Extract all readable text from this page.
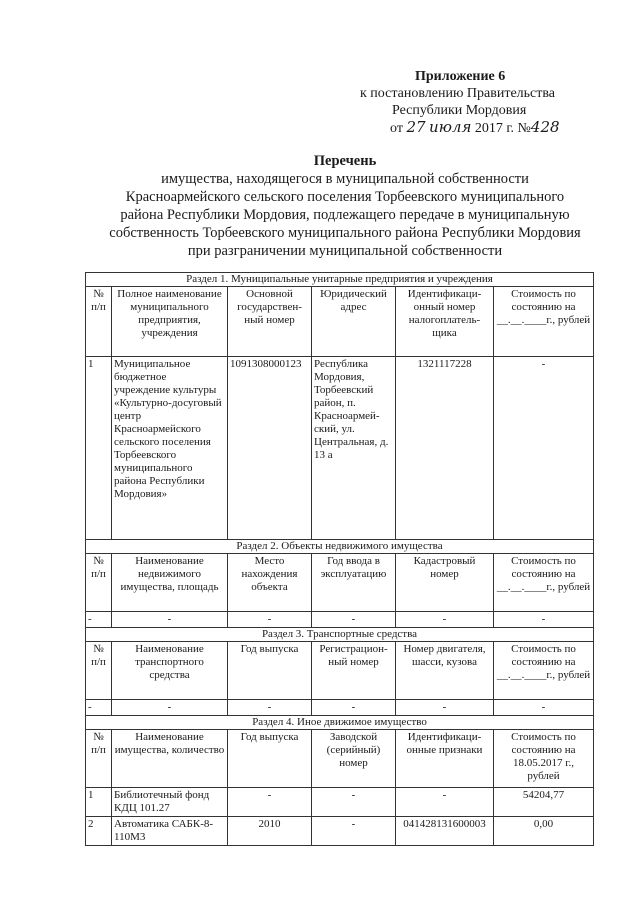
Приложение 6
к постановлению Правительства
Республики Мордовия
от 27 июля 2017 г. №428
Перечень
имущества, находящегося в муниципальной собственности
Красноармейского сельского поселения Торбеевского муниципального
района Республики Мордовия, подлежащего передаче в муниципальную
собственность Торбеевского муниципального района Республики Мордовия
при разграничении муниципальной собственности
Раздел 1. Муниципальные унитарные предприятия и учреждения					
№ п/п	Полное наименование муниципального предприятия, учреждения	Основной государствен-ный номер	Юридический адрес	Идентификаци-онный номер налогоплатель-щика	Стоимость по состоянию на __.__.____г., рублей
1	Муниципальное бюджетное учреждение культуры «Культурно-досуговый центр Красноармейского сельского поселения Торбеевского муниципального района Республики Мордовия»	1091308000123	Республика Мордовия, Торбеевский район, п. Красноармей-ский, ул. Центральная, д. 13 а	1321117228	-
Раздел 2. Объекты недвижимого имущества					
№ п/п	Наименование недвижимого имущества, площадь	Место нахождения объекта	Год ввода в эксплуатацию	Кадастровый номер	Стоимость по состоянию на __.__.____г., рублей
-	-	-	-	-	-
Раздел 3. Транспортные средства					
№ п/п	Наименование транспортного средства	Год выпуска	Регистрацион-ный номер	Номер двигателя, шасси, кузова	Стоимость по состоянию на __.__.____г., рублей
-	-	-	-	-	-
Раздел 4. Иное движимое имущество					
№ п/п	Наименование имущества, количество	Год выпуска	Заводской (серийный) номер	Идентификаци-онные признаки	Стоимость по состоянию на 18.05.2017 г., рублей
1	Библиотечный фонд КДЦ 101.27	-	-	-	54204,77
2	Автоматика САБК-8-110М3	2010	-	041428131600003	0,00
